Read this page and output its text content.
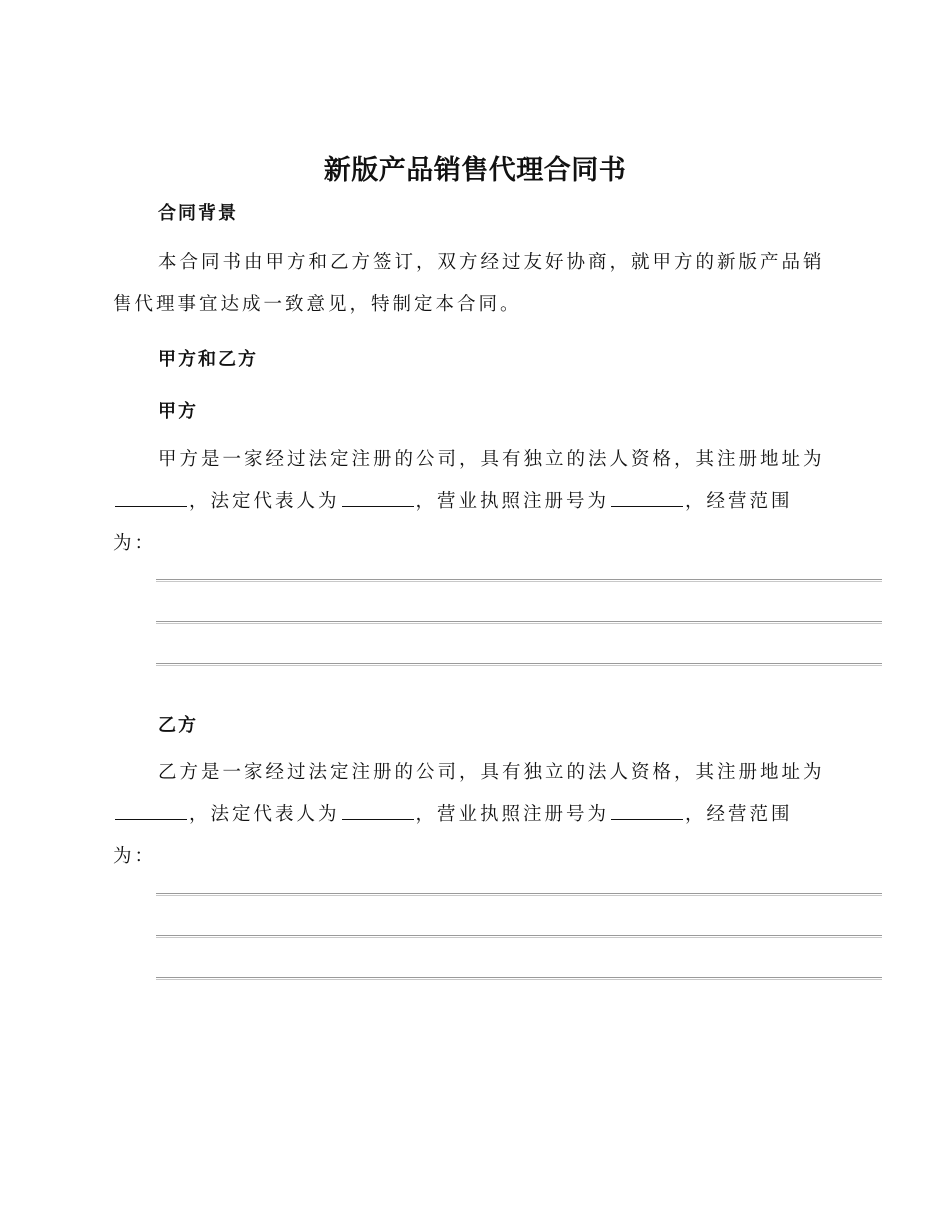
新版产品销售代理合同书
合同背景

本合同书由甲方和乙方签订，双方经过友好协商，就甲方的新版产品销售代理事宜达成一致意见，特制定本合同。

甲方和乙方
甲方

甲方是一家经过法定注册的公司，具有独立的法人资格，其注册地址为，法定代表人为	，营业执照注册号为	，经营范围为：

乙方

乙方是一家经过法定注册的公司，具有独立的法人资格，其注册地址为，法定代表人为	，营业执照注册号为	，经营范围为：
